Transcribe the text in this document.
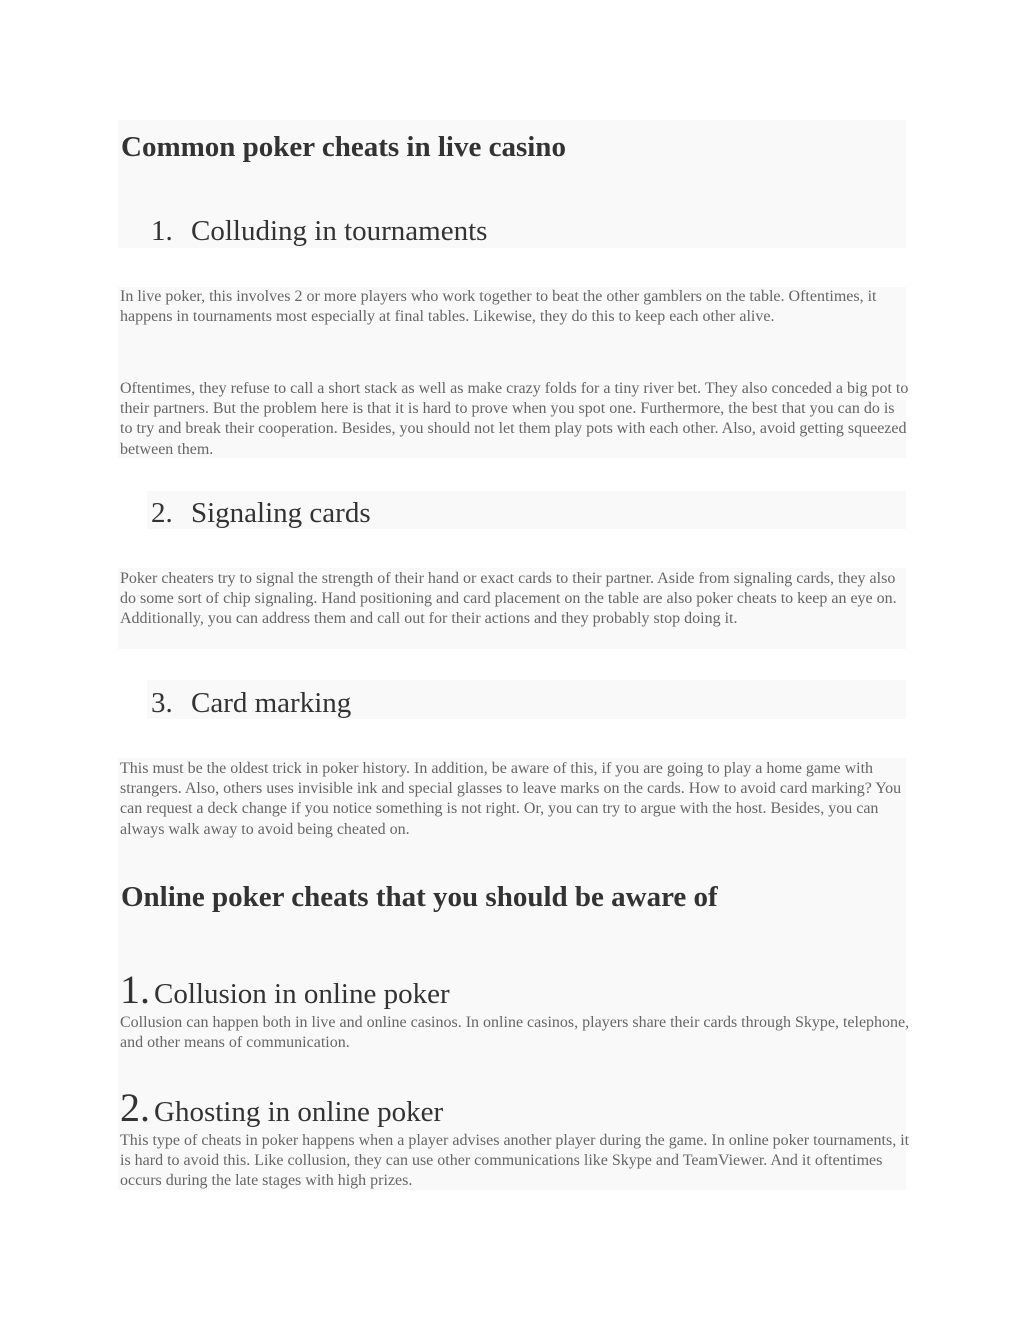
Common poker cheats in live casino
1. Colluding in tournaments

In live poker, this involves 2 or more players who work together to beat the other gamblers on the table. Oftentimes, it happens in tournaments most especially at final tables. Likewise, they do this to keep each other alive.

Oftentimes, they refuse to call a short stack as well as make crazy folds for a tiny river bet. They also conceded a big pot to their partners. But the problem here is that it is hard to prove when you spot one. Furthermore, the best that you can do is to try and break their cooperation. Besides, you should not let them play pots with each other. Also, avoid getting squeezed between them.

2. Signaling cards

Poker cheaters try to signal the strength of their hand or exact cards to their partner. Aside from signaling cards, they also do some sort of chip signaling. Hand positioning and card placement on the table are also poker cheats to keep an eye on. Additionally, you can address them and call out for their actions and they probably stop doing it.

3. Card marking

This must be the oldest trick in poker history. In addition, be aware of this, if you are going to play a home game with strangers. Also, others uses invisible ink and special glasses to leave marks on the cards. How to avoid card marking? You can request a deck change if you notice something is not right. Or, you can try to argue with the host. Besides, you can always walk away to avoid being cheated on.

Online poker cheats that you should be aware of
1. Collusion in online poker

Collusion can happen both in live and online casinos. In online casinos, players share their cards through Skype, telephone, and other means of communication.

2. Ghosting in online poker

This type of cheats in poker happens when a player advises another player during the game. In online poker tournaments, it is hard to avoid this. Like collusion, they can use other communications like Skype and TeamViewer. And it oftentimes occurs during the late stages with high prizes.
